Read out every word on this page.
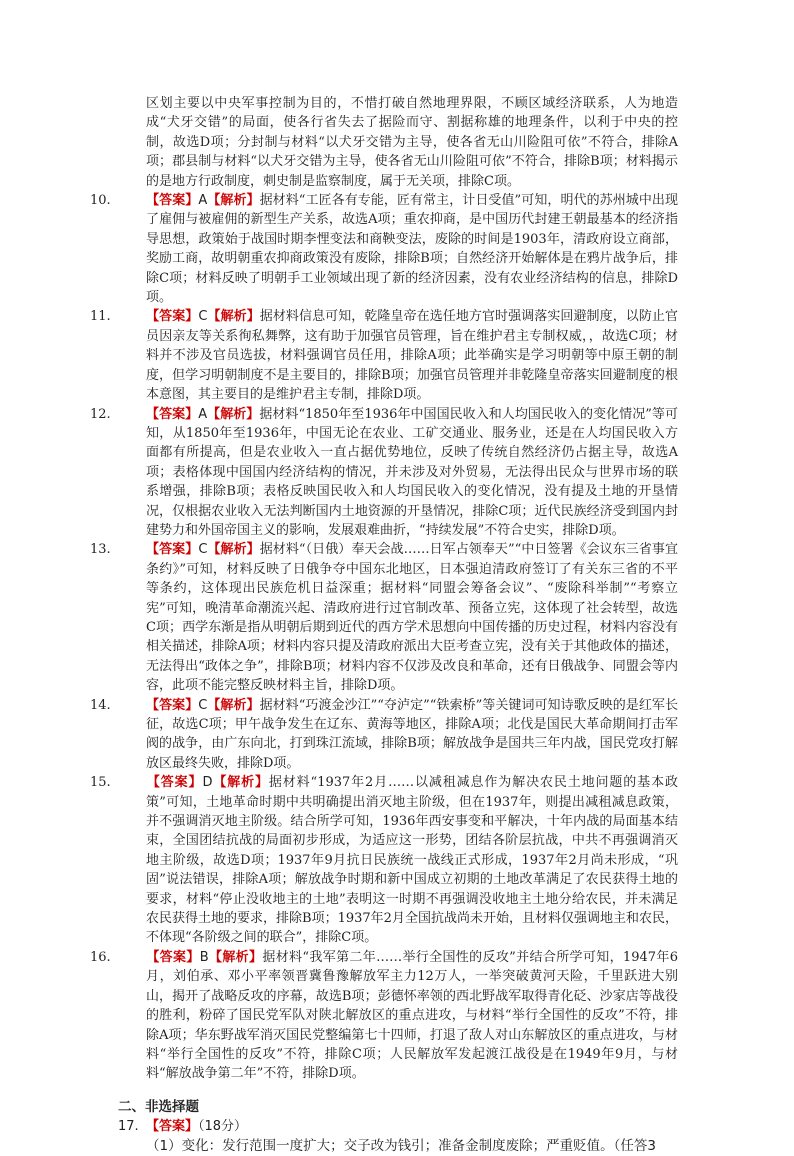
区划主要以中央军事控制为目的，不惜打破自然地理界限，不顾区域经济联系，人为地造成“犬牙交错”的局面，使各行省失去了据险而守、割据称雄的地理条件，以利于中央的控制，故选D项；分封制与材料“以犬牙交错为主导，使各省无山川险阻可依”不符合，排除A项；郡县制与材料“以犬牙交错为主导，使各省无山川险阻可依”不符合，排除B项；材料揭示的是地方行政制度，刺史制是监察制度，属于无关项，排除C项。
10.	【答案】A【解析】据材料“工匠各有专能，匠有常主，计日受值”可知，明代的苏州城中出现了雇佣与被雇佣的新型生产关系，故选A项；重农抑商，是中国历代封建王朝最基本的经济指导思想，政策始于战国时期李悝变法和商鞅变法，废除的时间是1903年，清政府设立商部，奖励工商，故明朝重农抑商政策没有废除，排除B项；自然经济开始解体是在鸦片战争后，排除C项；材料反映了明朝手工业领域出现了新的经济因素，没有农业经济结构的信息，排除D项。
11.	【答案】C【解析】据材料信息可知，乾隆皇帝在选任地方官时强调落实回避制度，以防止官员因亲友等关系徇私舞弊，这有助于加强官员管理，旨在维护君主专制权威，，故选C项；材料并不涉及官员选拔，材料强调官员任用，排除A项；此举确实是学习明朝等中原王朝的制度，但学习明朝制度不是主要目的，排除B项；加强官员管理并非乾隆皇帝落实回避制度的根本意图，其主要目的是维护君主专制，排除D项。
12.	【答案】A【解析】据材料“1850年至1936年中国国民收入和人均国民收入的变化情况”等可知，从1850年至1936年，中国无论在农业、工矿交通业、服务业，还是在人均国民收入方面都有所提高，但是农业收入一直占据优势地位，反映了传统自然经济仍占据主导，故选A项；表格体现中国国内经济结构的情况，并未涉及对外贸易，无法得出民众与世界市场的联系增强，排除B项；表格反映国民收入和人均国民收入的变化情况，没有提及土地的开垦情况，仅根据农业收入无法判断国内土地资源的开垦情况，排除C项；近代民族经济受到国内封建势力和外国帝国主义的影响，发展艰难曲折，“持续发展”不符合史实，排除D项。
13.	【答案】C【解析】据材料“（日俄）奉天会战……日军占领奉天”“中日签署《会议东三省事宜条约》”可知，材料反映了日俄争夺中国东北地区，日本强迫清政府签订了有关东三省的不平等条约，这体现出民族危机日益深重；据材料“同盟会筹备会议”、“废除科举制”“考察立宪”可知，晚清革命潮流兴起、清政府进行过官制改革、预备立宪，这体现了社会转型，故选C项；西学东渐是指从明朝后期到近代的西方学术思想向中国传播的历史过程，材料内容没有相关描述，排除A项；材料内容只提及清政府派出大臣考查立宪，没有关于其他政体的描述，无法得出“政体之争”，排除B项；材料内容不仅涉及改良和革命，还有日俄战争、同盟会等内容，此项不能完整反映材料主旨，排除D项。
14.	【答案】C【解析】据材料“巧渡金沙江”“夺泸定”“铁索桥”等关键词可知诗歌反映的是红军长征，故选C项；甲午战争发生在辽东、黄海等地区，排除A项；北伐是国民大革命期间打击军阀的战争，由广东向北，打到珠江流域，排除B项；解放战争是国共三年内战，国民党攻打解放区最终失败，排除D项。
15.	【答案】D【解析】据材料“1937年2月……以减租减息作为解决农民土地问题的基本政策”可知，土地革命时期中共明确提出消灭地主阶级，但在1937年，则提出减租减息政策，并不强调消灭地主阶级。结合所学可知，1936年西安事变和平解决，十年内战的局面基本结束，全国团结抗战的局面初步形成，为适应这一形势，团结各阶层抗战，中共不再强调消灭地主阶级，故选D项；1937年9月抗日民族统一战线正式形成，1937年2月尚未形成，“巩固”说法错误，排除A项；解放战争时期和新中国成立初期的土地改革满足了农民获得土地的要求，材料“停止没收地主的土地”表明这一时期不再强调没收地主土地分给农民，并未满足农民获得土地的要求，排除B项；1937年2月全国抗战尚未开始，且材料仅强调地主和农民，不体现“各阶级之间的联合”，排除C项。
16.	【答案】B【解析】据材料“我军第二年……举行全国性的反攻”并结合所学可知，1947年6月，刘伯承、邓小平率领晋冀鲁豫解放军主力12万人，一举突破黄河天险，千里跃进大别山，揭开了战略反攻的序幕，故选B项；彭德怀率领的西北野战军取得青化砭、沙家店等战役的胜利，粉碎了国民党军队对陕北解放区的重点进攻，与材料“举行全国性的反攻”不符，排除A项；华东野战军消灭国民党整编第七十四师，打退了敌人对山东解放区的重点进攻，与材料“举行全国性的反攻”不符，排除C项；人民解放军发起渡江战役是在1949年9月，与材料“解放战争第二年”不符，排除D项。
二、非选择题
17. 【答案】（18分）
（1）变化：发行范围一度扩大；交子改为钱引；准备金制度废除；严重贬值。（任答3
